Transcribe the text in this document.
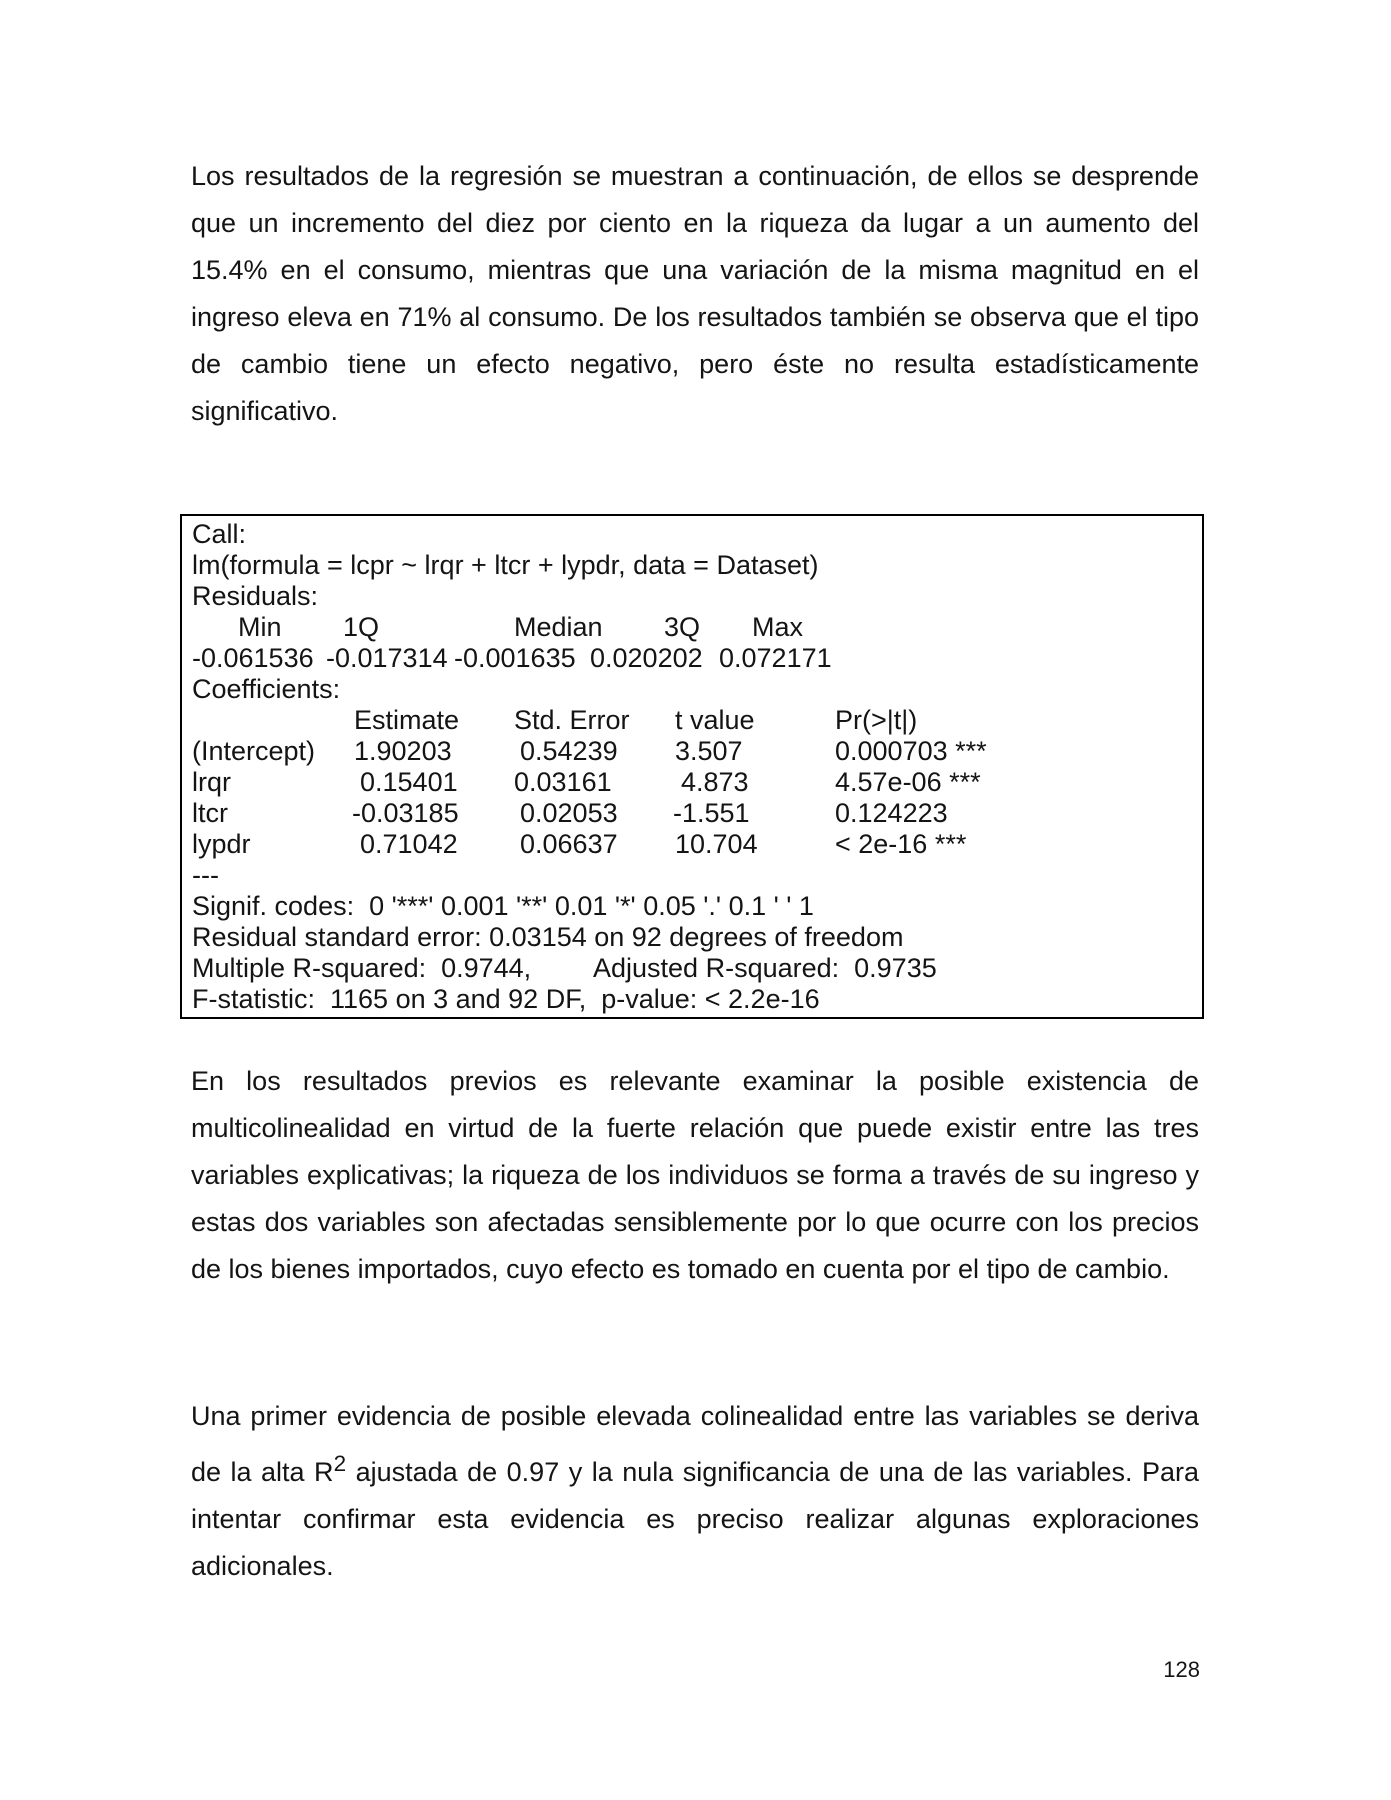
Los resultados de la regresión se muestran a continuación, de ellos se desprende que un incremento del diez por ciento en la riqueza da lugar a un aumento del 15.4% en el consumo, mientras que una variación de la misma magnitud en el ingreso eleva en 71% al consumo. De los resultados también se observa que el tipo de cambio tiene un efecto negativo, pero éste no resulta estadísticamente significativo.

Call:
lm(formula = lcpr ~ lrqr + ltcr + lypdr, data = Dataset)
Residuals:
Min 1Q	Median 3Q Max
-0.061536 -0.017314 -0.001635 0.020202 0.072171
Coefficients:
Estimate Std. Error t value	Pr(>|t|)
(Intercept) 1.90203	0.54239 3.507	0.000703 ***
lrqr	0.15401 0.03161	4.873	4.57e-06 ***
ltcr	-0.03185 0.02053 -1.551	0.124223
lypdr	0.71042 0.06637 10.704	< 2e-16 ***
---
Signif. codes:  0 '***' 0.001 '**' 0.01 '*' 0.05 '.' 0.1 ' ' 1
Residual standard error: 0.03154 on 92 degrees of freedom
Multiple R-squared:  0.9744, Adjusted R-squared:  0.9735
F-statistic:  1165 on 3 and 92 DF,  p-value: < 2.2e-16

En los resultados previos es relevante examinar la posible existencia de multicolinealidad en virtud de la fuerte relación que puede existir entre las tres variables explicativas; la riqueza de los individuos se forma a través de su ingreso y estas dos variables son afectadas sensiblemente por lo que ocurre con los precios de los bienes importados, cuyo efecto es tomado en cuenta por el tipo de cambio.

Una primer evidencia de posible elevada colinealidad entre las variables se deriva de la alta $R^2$ ajustada de 0.97 y la nula significancia de una de las variables. Para intentar confirmar esta evidencia es preciso realizar algunas exploraciones adicionales.

128
